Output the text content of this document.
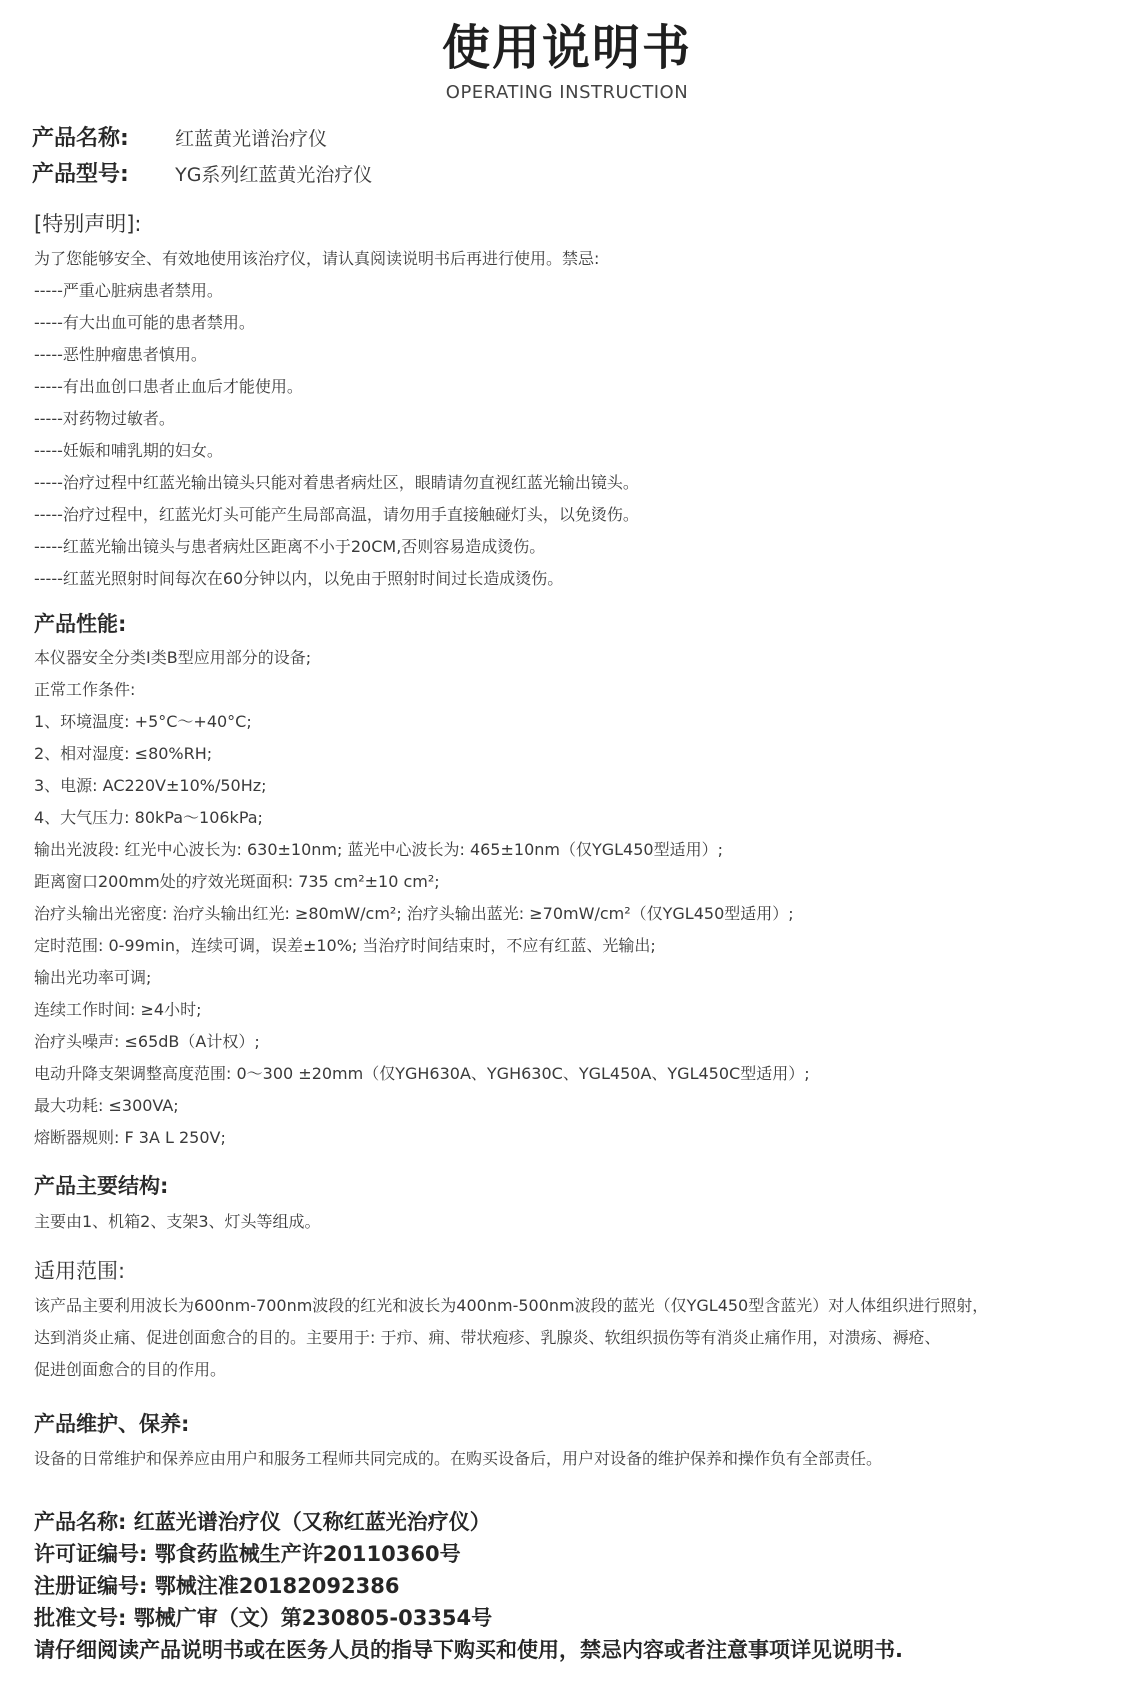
使用说明书
OPERATING INSTRUCTION
产品名称: 红蓝黄光谱治疗仪
产品型号: YG系列红蓝黄光治疗仪
[特别声明]:
为了您能够安全、有效地使用该治疗仪，请认真阅读说明书后再进行使用。禁忌:
-----严重心脏病患者禁用。
-----有大出血可能的患者禁用。
-----恶性肿瘤患者慎用。
-----有出血创口患者止血后才能使用。
-----对药物过敏者。
-----妊娠和哺乳期的妇女。
-----治疗过程中红蓝光输出镜头只能对着患者病灶区，眼睛请勿直视红蓝光输出镜头。
-----治疗过程中，红蓝光灯头可能产生局部高温，请勿用手直接触碰灯头，以免烫伤。
-----红蓝光输出镜头与患者病灶区距离不小于20CM,否则容易造成烫伤。
-----红蓝光照射时间每次在60分钟以内，以免由于照射时间过长造成烫伤。
产品性能:
本仪器安全分类I类B型应用部分的设备;
正常工作条件:
1、环境温度: +5°C～+40°C;
2、相对湿度: ≤80%RH;
3、电源: AC220V±10%/50Hz;
4、大气压力: 80kPa～106kPa;
输出光波段: 红光中心波长为: 630±10nm; 蓝光中心波长为: 465±10nm（仅YGL450型适用）;
距离窗口200mm处的疗效光斑面积: 735 cm²±10 cm²;
治疗头输出光密度: 治疗头输出红光: ≥80mW/cm²; 治疗头输出蓝光: ≥70mW/cm²（仅YGL450型适用）;
定时范围: 0-99min，连续可调，误差±10%; 当治疗时间结束时，不应有红蓝、光输出;
输出光功率可调;
连续工作时间: ≥4小时;
治疗头噪声: ≤65dB（A计权）;
电动升降支架调整高度范围: 0～300 ±20mm（仅YGH630A、YGH630C、YGL450A、YGL450C型适用）;
最大功耗: ≤300VA;
熔断器规则: F 3A L 250V;
产品主要结构:
主要由1、机箱2、支架3、灯头等组成。
适用范围:
该产品主要利用波长为600nm-700nm波段的红光和波长为400nm-500nm波段的蓝光（仅YGL450型含蓝光）对人体组织进行照射，
达到消炎止痛、促进创面愈合的目的。主要用于: 于疖、痈、带状疱疹、乳腺炎、软组织损伤等有消炎止痛作用，对溃疡、褥疮、
促进创面愈合的目的作用。
产品维护、保养:
设备的日常维护和保养应由用户和服务工程师共同完成的。在购买设备后，用户对设备的维护保养和操作负有全部责任。
产品名称: 红蓝光谱治疗仪（又称红蓝光治疗仪）
许可证编号: 鄂食药监械生产许20110360号
注册证编号: 鄂械注准20182092386
批准文号: 鄂械广审（文）第230805-03354号
请仔细阅读产品说明书或在医务人员的指导下购买和使用，禁忌内容或者注意事项详见说明书.
